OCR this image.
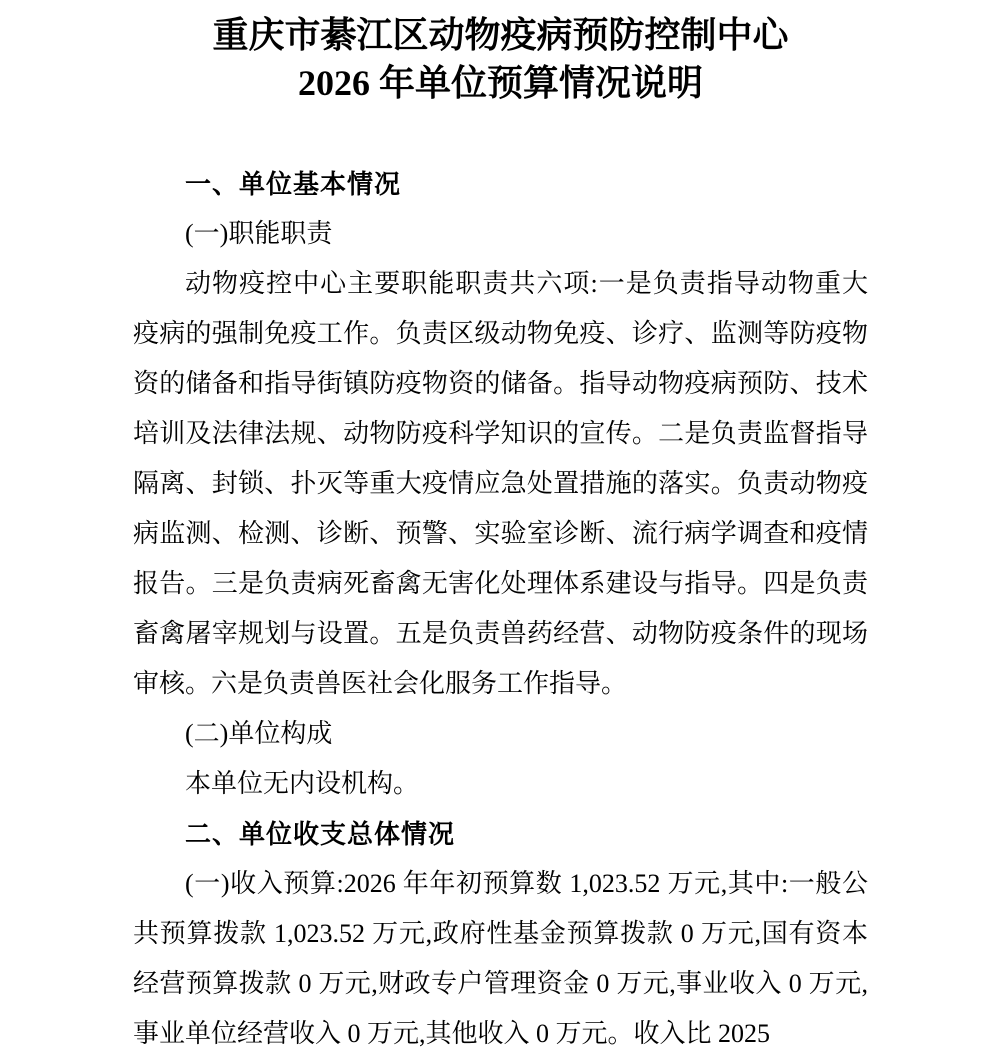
重庆市綦江区动物疫病预防控制中心
2026 年单位预算情况说明
一、单位基本情况
(一)职能职责
动物疫控中心主要职能职责共六项:一是负责指导动物重大疫病的强制免疫工作。负责区级动物免疫、诊疗、监测等防疫物资的储备和指导街镇防疫物资的储备。指导动物疫病预防、技术培训及法律法规、动物防疫科学知识的宣传。二是负责监督指导隔离、封锁、扑灭等重大疫情应急处置措施的落实。负责动物疫病监测、检测、诊断、预警、实验室诊断、流行病学调查和疫情报告。三是负责病死畜禽无害化处理体系建设与指导。四是负责畜禽屠宰规划与设置。五是负责兽药经营、动物防疫条件的现场审核。六是负责兽医社会化服务工作指导。
(二)单位构成
本单位无内设机构。
二、单位收支总体情况
(一)收入预算:2026 年年初预算数 1,023.52 万元,其中:一般公共预算拨款 1,023.52 万元,政府性基金预算拨款 0 万元,国有资本经营预算拨款 0 万元,财政专户管理资金 0 万元,事业收入 0 万元,事业单位经营收入 0 万元,其他收入 0 万元。收入比 2025
